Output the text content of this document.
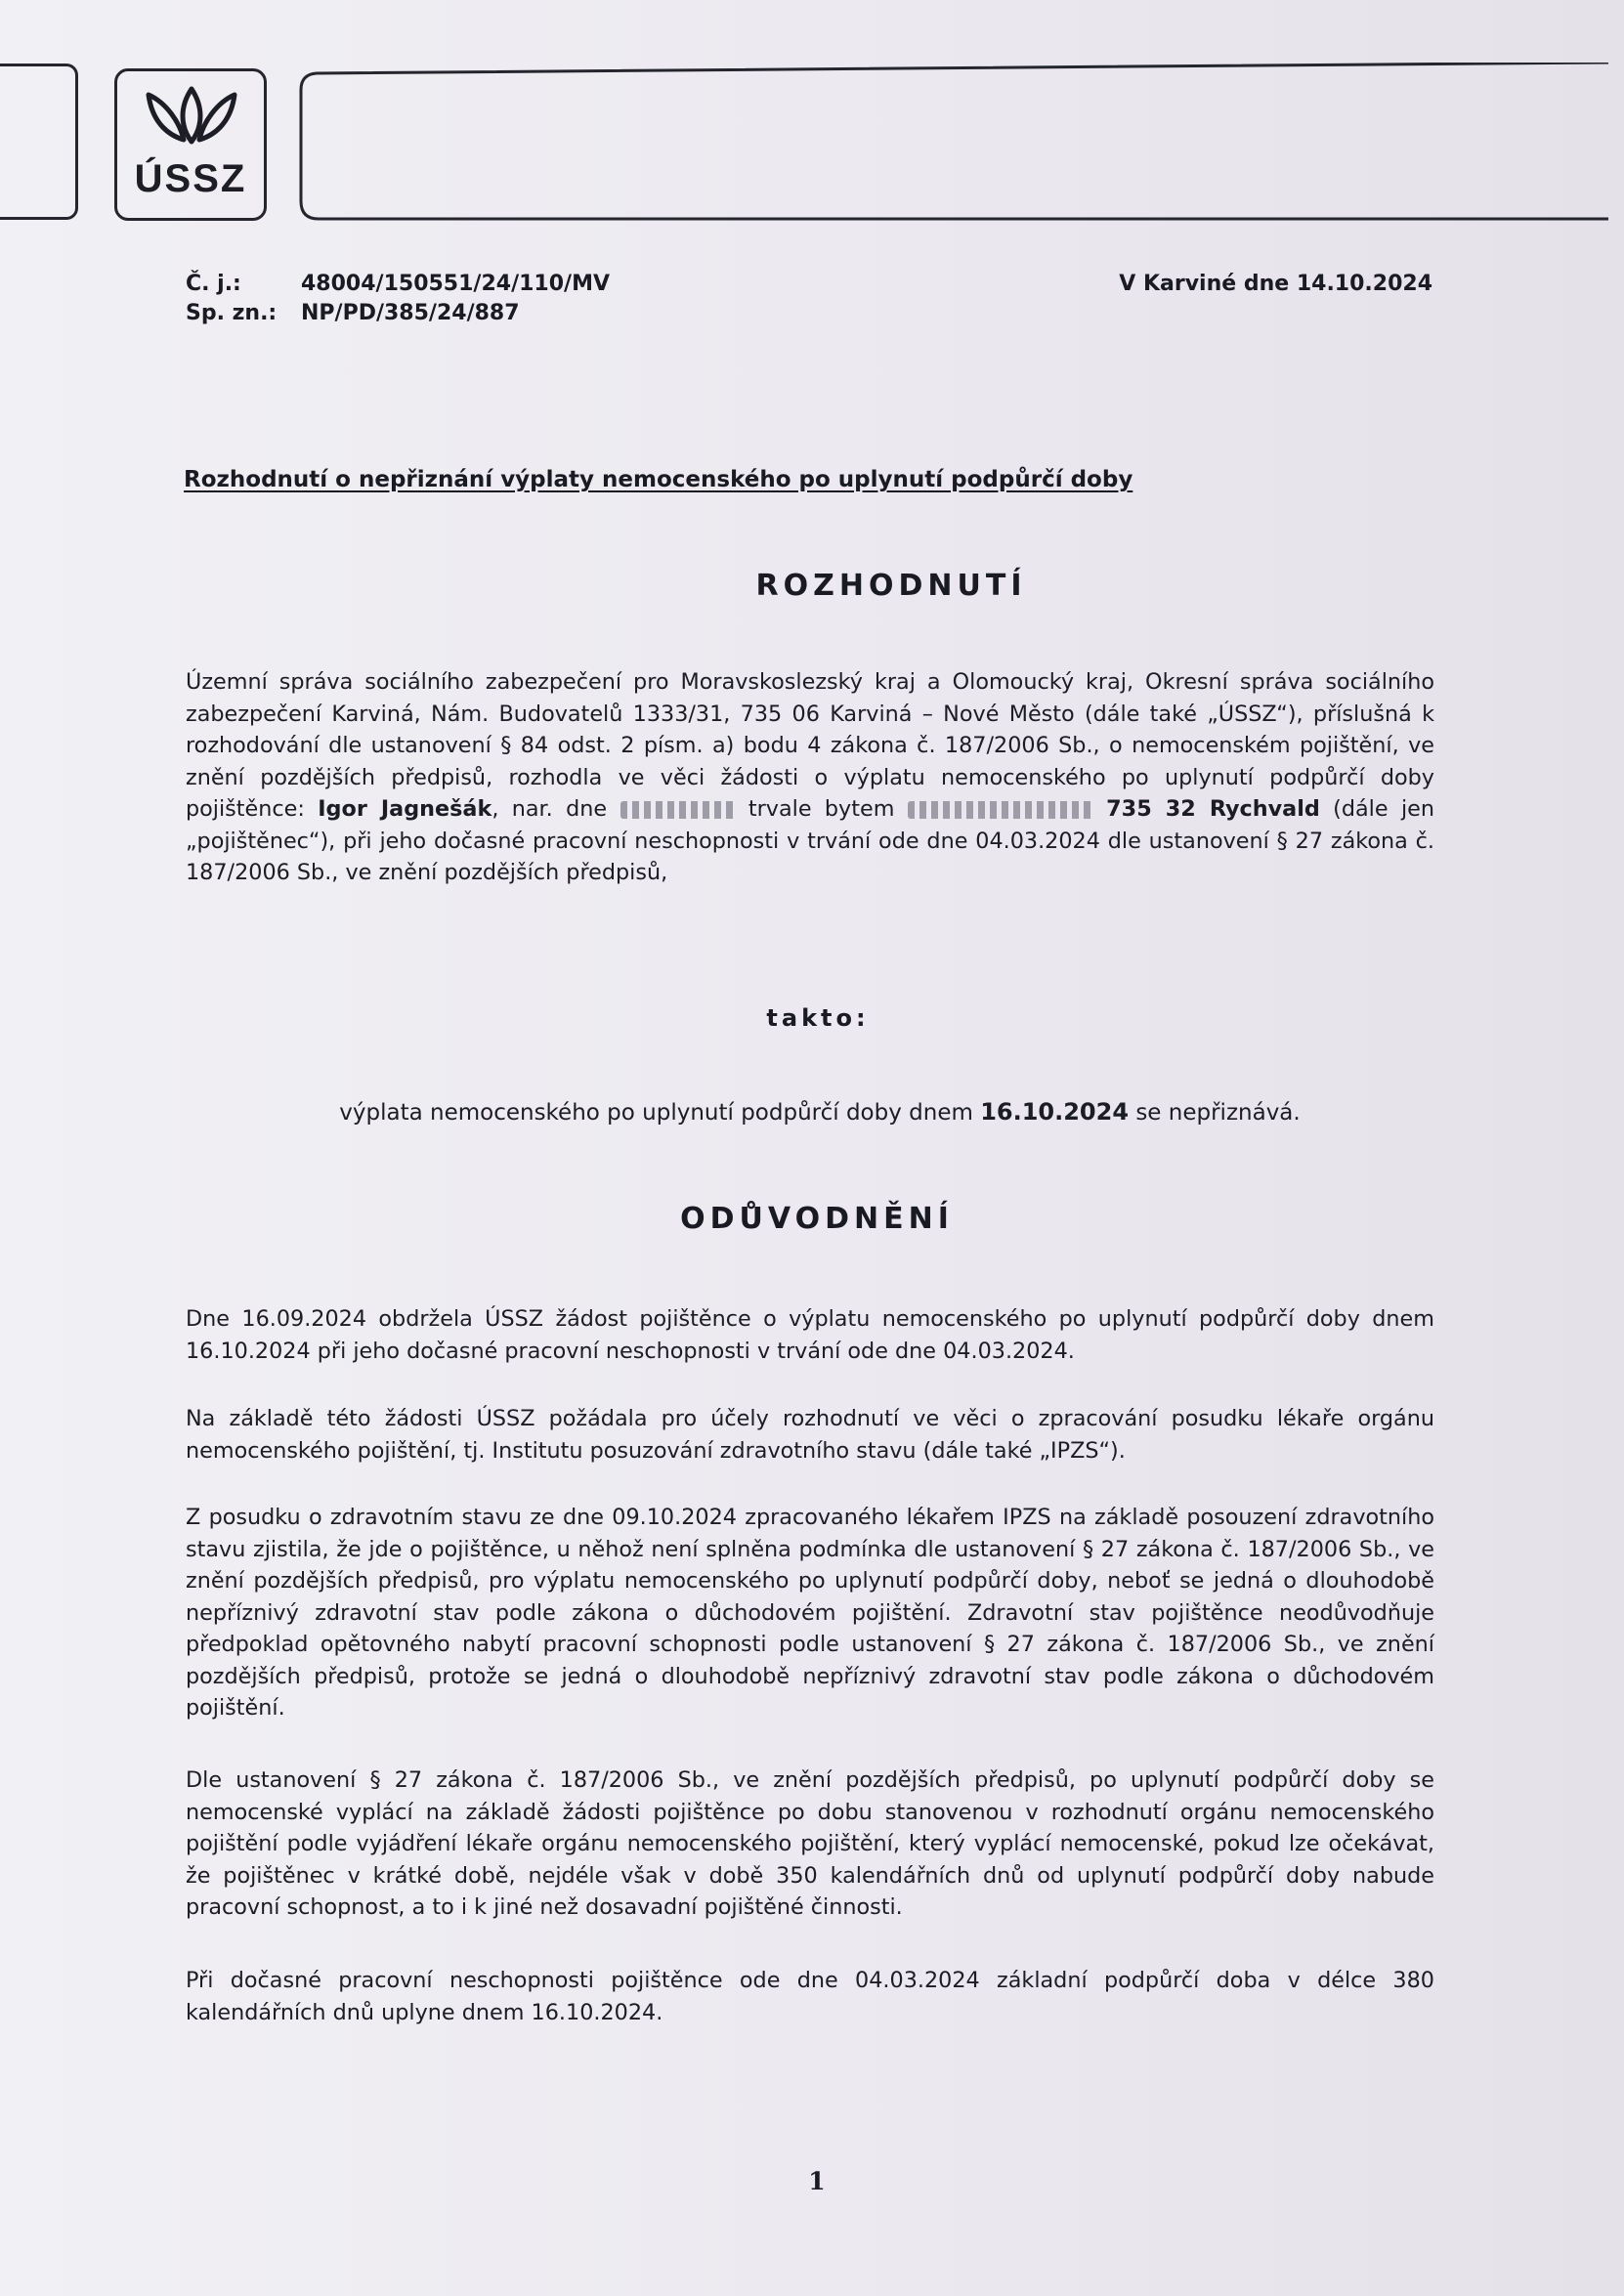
ÚSSZ
Č. j.:	48004/150551/24/110/MV
Sp. zn.:	NP/PD/385/24/887
V Karviné dne 14.10.2024
Rozhodnutí o nepřiznání výplaty nemocenského po uplynutí podpůrčí doby
ROZHODNUTÍ
Územní správa sociálního zabezpečení pro Moravskoslezský kraj a Olomoucký kraj, Okresní správa sociálního zabezpečení Karviná, Nám. Budovatelů 1333/31, 735 06 Karviná – Nové Město (dále také „ÚSSZ“), příslušná k rozhodování dle ustanovení § 84 odst. 2 písm. a) bodu 4 zákona č. 187/2006 Sb., o nemocenském pojištění, ve znění pozdějších předpisů, rozhodla ve věci žádosti o výplatu nemocenského po uplynutí podpůrčí doby pojištěnce: Igor Jagnešák, nar. dne	trvale bytem	735 32 Rychvald (dále jen „pojištěnec“), při jeho dočasné pracovní neschopnosti v trvání ode dne 04.03.2024 dle ustanovení § 27 zákona č. 187/2006 Sb., ve znění pozdějších předpisů,
takto:
výplata nemocenského po uplynutí podpůrčí doby dnem 16.10.2024 se nepřiznává.
ODŮVODNĚNÍ
Dne 16.09.2024 obdržela ÚSSZ žádost pojištěnce o výplatu nemocenského po uplynutí podpůrčí doby dnem 16.10.2024 při jeho dočasné pracovní neschopnosti v trvání ode dne 04.03.2024.
Na základě této žádosti ÚSSZ požádala pro účely rozhodnutí ve věci o zpracování posudku lékaře orgánu nemocenského pojištění, tj. Institutu posuzování zdravotního stavu (dále také „IPZS“).
Z posudku o zdravotním stavu ze dne 09.10.2024 zpracovaného lékařem IPZS na základě posouzení zdravotního stavu zjistila, že jde o pojištěnce, u něhož není splněna podmínka dle ustanovení § 27 zákona č. 187/2006 Sb., ve znění pozdějších předpisů, pro výplatu nemocenského po uplynutí podpůrčí doby, neboť se jedná o dlouhodobě nepříznivý zdravotní stav podle zákona o důchodovém pojištění. Zdravotní stav pojištěnce neodůvodňuje předpoklad opětovného nabytí pracovní schopnosti podle ustanovení § 27 zákona č. 187/2006 Sb., ve znění pozdějších předpisů, protože se jedná o dlouhodobě nepříznivý zdravotní stav podle zákona o důchodovém pojištění.
Dle ustanovení § 27 zákona č. 187/2006 Sb., ve znění pozdějších předpisů, po uplynutí podpůrčí doby se nemocenské vyplácí na základě žádosti pojištěnce po dobu stanovenou v rozhodnutí orgánu nemocenského pojištění podle vyjádření lékaře orgánu nemocenského pojištění, který vyplácí nemocenské, pokud lze očekávat, že pojištěnec v krátké době, nejdéle však v době 350 kalendářních dnů od uplynutí podpůrčí doby nabude pracovní schopnost, a to i k jiné než dosavadní pojištěné činnosti.
Při dočasné pracovní neschopnosti pojištěnce ode dne 04.03.2024 základní podpůrčí doba v délce 380 kalendářních dnů uplyne dnem 16.10.2024.
1
